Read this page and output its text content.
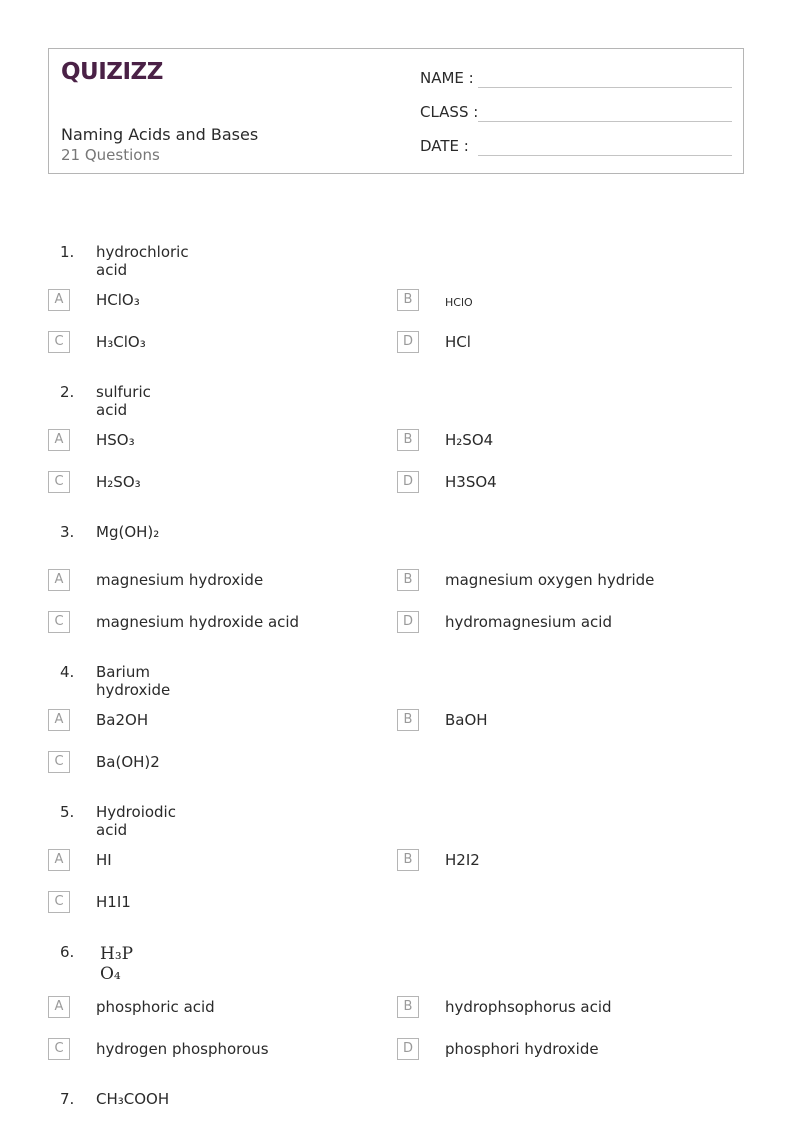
QUIZIZZ
Naming Acids and Bases
21 Questions
NAME :
CLASS :
DATE :
1. hydrochloric acid
A	HClO₃	B	HClO
C	H₃ClO₃	D	HCl
2. sulfuric acid
A	HSO₃	B	H₂SO4
C	H₂SO₃	D	H3SO4
3. Mg(OH)₂
A	magnesium hydroxide	B	magnesium oxygen hydride
C	magnesium hydroxide acid	D	hydromagnesium acid
4. Barium hydroxide
A	Ba2OH	B	BaOH
C	Ba(OH)2
5. Hydroiodic acid
A	HI	B	H2I2
C	H1I1
6. H₃P O₄
A	phosphoric acid	B	hydrophsophorus acid
C	hydrogen phosphorous	D	phosphori hydroxide
7. CH₃COOH
